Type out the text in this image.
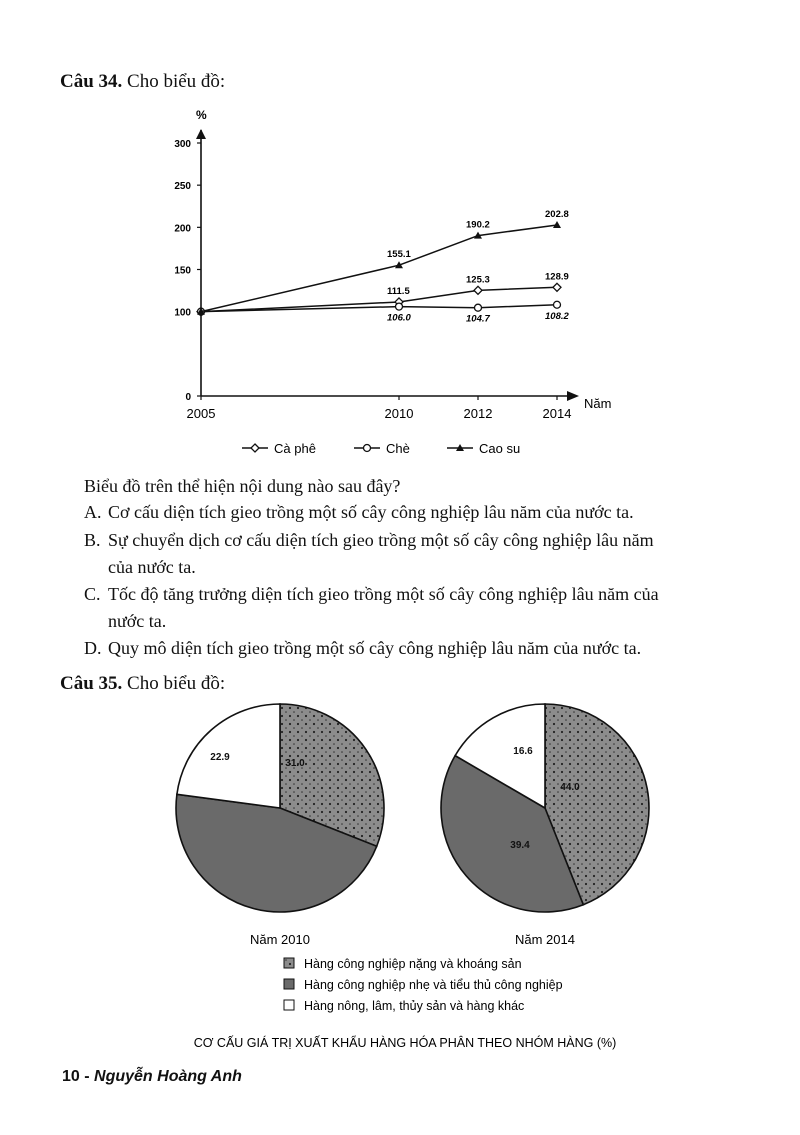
Câu 34. Cho biểu đồ:
%
Năm
0
100
150
200
250
300
2005	2010	2012	2014
111.5
125.3	128.9
106.0	104.7	108.2
155.1
190.2
202.8
Cà phê	Chè	Cao su
Biểu đồ trên thể hiện nội dung nào sau đây?
A. Cơ cấu diện tích gieo trồng một số cây công nghiệp lâu năm của nước ta.
B. Sự chuyển dịch cơ cấu diện tích gieo trồng một số cây công nghiệp lâu năm
của nước ta.
C. Tốc độ tăng trưởng diện tích gieo trồng một số cây công nghiệp lâu năm của
nước ta.
D. Quy mô diện tích gieo trồng một số cây công nghiệp lâu năm của nước ta.
Câu 35. Cho biểu đồ:
31.0
22.9
Năm 2010
44.0
39.4
16.6
Năm 2014
Hàng công nghiệp nặng và khoáng sản
Hàng công nghiệp nhẹ và tiểu thủ công nghiệp
Hàng nông, lâm, thủy sản và hàng khác
CƠ CẤU GIÁ TRỊ XUẤT KHẨU HÀNG HÓA PHÂN THEO NHÓM HÀNG (%)
10 - Nguyễn Hoàng Anh
